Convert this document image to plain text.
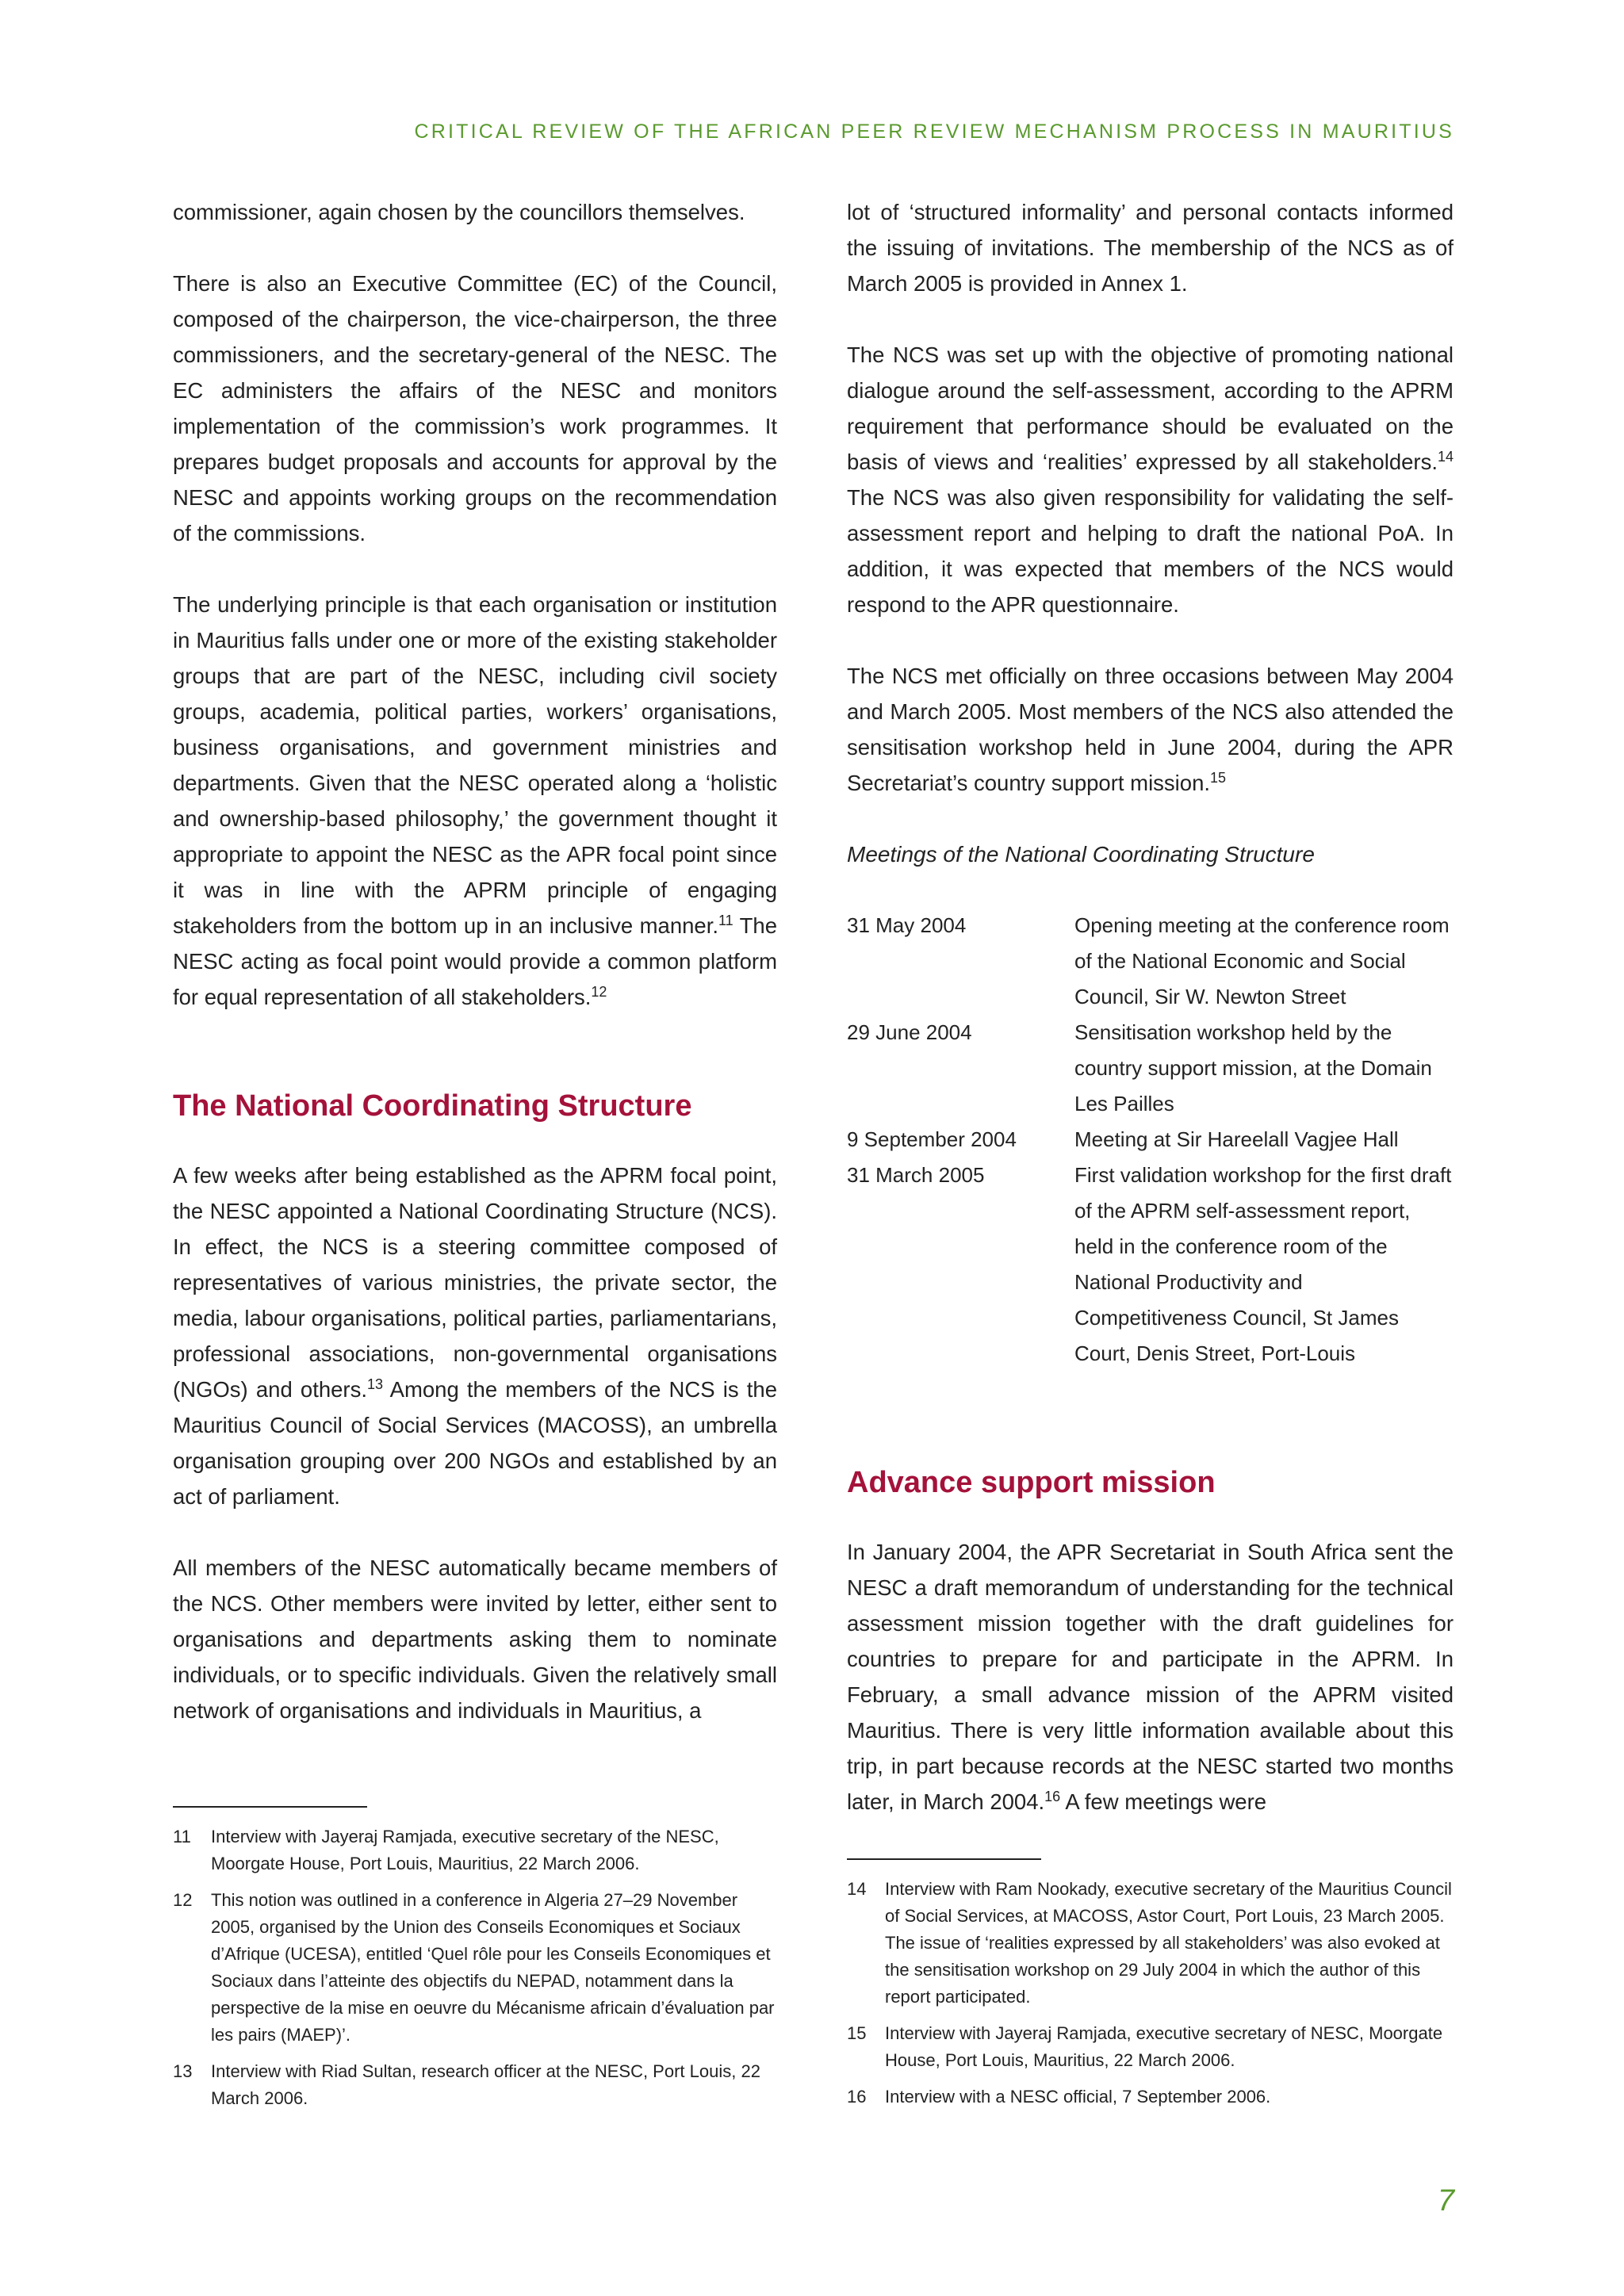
CRITICAL REVIEW OF THE AFRICAN PEER REVIEW MECHANISM PROCESS IN MAURITIUS

commissioner, again chosen by the councillors themselves.

There is also an Executive Committee (EC) of the Council, composed of the chairperson, the vice-chairperson, the three commissioners, and the secretary-general of the NESC. The EC administers the affairs of the NESC and monitors implementation of the commission’s work programmes. It prepares budget proposals and accounts for approval by the NESC and appoints working groups on the recommendation of the commissions.

The underlying principle is that each organisation or institution in Mauritius falls under one or more of the existing stakeholder groups that are part of the NESC, including civil society groups, academia, political parties, workers’ organisations, business organisations, and government ministries and departments. Given that the NESC operated along a ‘holistic and ownership-based philosophy,’ the government thought it appropriate to appoint the NESC as the APR focal point since it was in line with the APRM principle of engaging stakeholders from the bottom up in an inclusive manner.$^{11}$ The NESC acting as focal point would provide a common platform for equal representation of all stakeholders.$^{12}$

The National Coordinating Structure

A few weeks after being established as the APRM focal point, the NESC appointed a National Coordinating Structure (NCS). In effect, the NCS is a steering committee composed of representatives of various ministries, the private sector, the media, labour organisations, political parties, parliamentarians, professional associations, non-governmental organisations (NGOs) and others.$^{13}$ Among the members of the NCS is the Mauritius Council of Social Services (MACOSS), an umbrella organisation grouping over 200 NGOs and established by an act of parliament.

All members of the NESC automatically became members of the NCS. Other members were invited by letter, either sent to organisations and departments asking them to nominate individuals, or to specific individuals. Given the relatively small network of organisations and individuals in Mauritius, a

lot of ‘structured informality’ and personal contacts informed the issuing of invitations. The membership of the NCS as of March 2005 is provided in Annex 1.

The NCS was set up with the objective of promoting national dialogue around the self-assessment, according to the APRM requirement that performance should be evaluated on the basis of views and ‘realities’ expressed by all stakeholders.$^{14}$ The NCS was also given responsibility for validating the self-assessment report and helping to draft the national PoA. In addition, it was expected that members of the NCS would respond to the APR questionnaire.

The NCS met officially on three occasions between May 2004 and March 2005. Most members of the NCS also attended the sensitisation workshop held in June 2004, during the APR Secretariat’s country support mission.$^{15}$

Meetings of the National Coordinating Structure

31 May 2004	Opening meeting at the conference room of the National Economic and Social Council, Sir W. Newton Street
29 June 2004	Sensitisation workshop held by the country support mission, at the Domain Les Pailles
9 September 2004	Meeting at Sir Hareelall Vagjee Hall
31 March 2005	First validation workshop for the first draft of the APRM self-assessment report, held in the conference room of the National Productivity and Competitiveness Council, St James Court, Denis Street, Port-Louis
Advance support mission

In January 2004, the APR Secretariat in South Africa sent the NESC a draft memorandum of understanding for the technical assessment mission together with the draft guidelines for countries to prepare for and participate in the APRM. In February, a small advance mission of the APRM visited Mauritius. There is very little information available about this trip, in part because records at the NESC started two months later, in March 2004.16 A few meetings were

11	Interview with Jayeraj Ramjada, executive secretary of the NESC, Moorgate House, Port Louis, Mauritius, 22 March 2006.
12	This notion was outlined in a conference in Algeria 27–29 November 2005, organised by the Union des Conseils Economiques et Sociaux d’Afrique (UCESA), entitled ‘Quel rôle pour les Conseils Economiques et Sociaux dans l’atteinte des objectifs du NEPAD, notamment dans la perspective de la mise en oeuvre du Mécanisme africain d’évaluation par les pairs (MAEP)’.
13	Interview with Riad Sultan, research officer at the NESC, Port Louis, 22 March 2006.
14	Interview with Ram Nookady, executive secretary of the Mauritius Council of Social Services, at MACOSS, Astor Court, Port Louis, 23 March 2005. The issue of ‘realities expressed by all stakeholders’ was also evoked at the sensitisation workshop on 29 July 2004 in which the author of this report participated.
15	Interview with Jayeraj Ramjada, executive secretary of NESC, Moorgate House, Port Louis, Mauritius, 22 March 2006.
16	Interview with a NESC official, 7 September 2006.
7
